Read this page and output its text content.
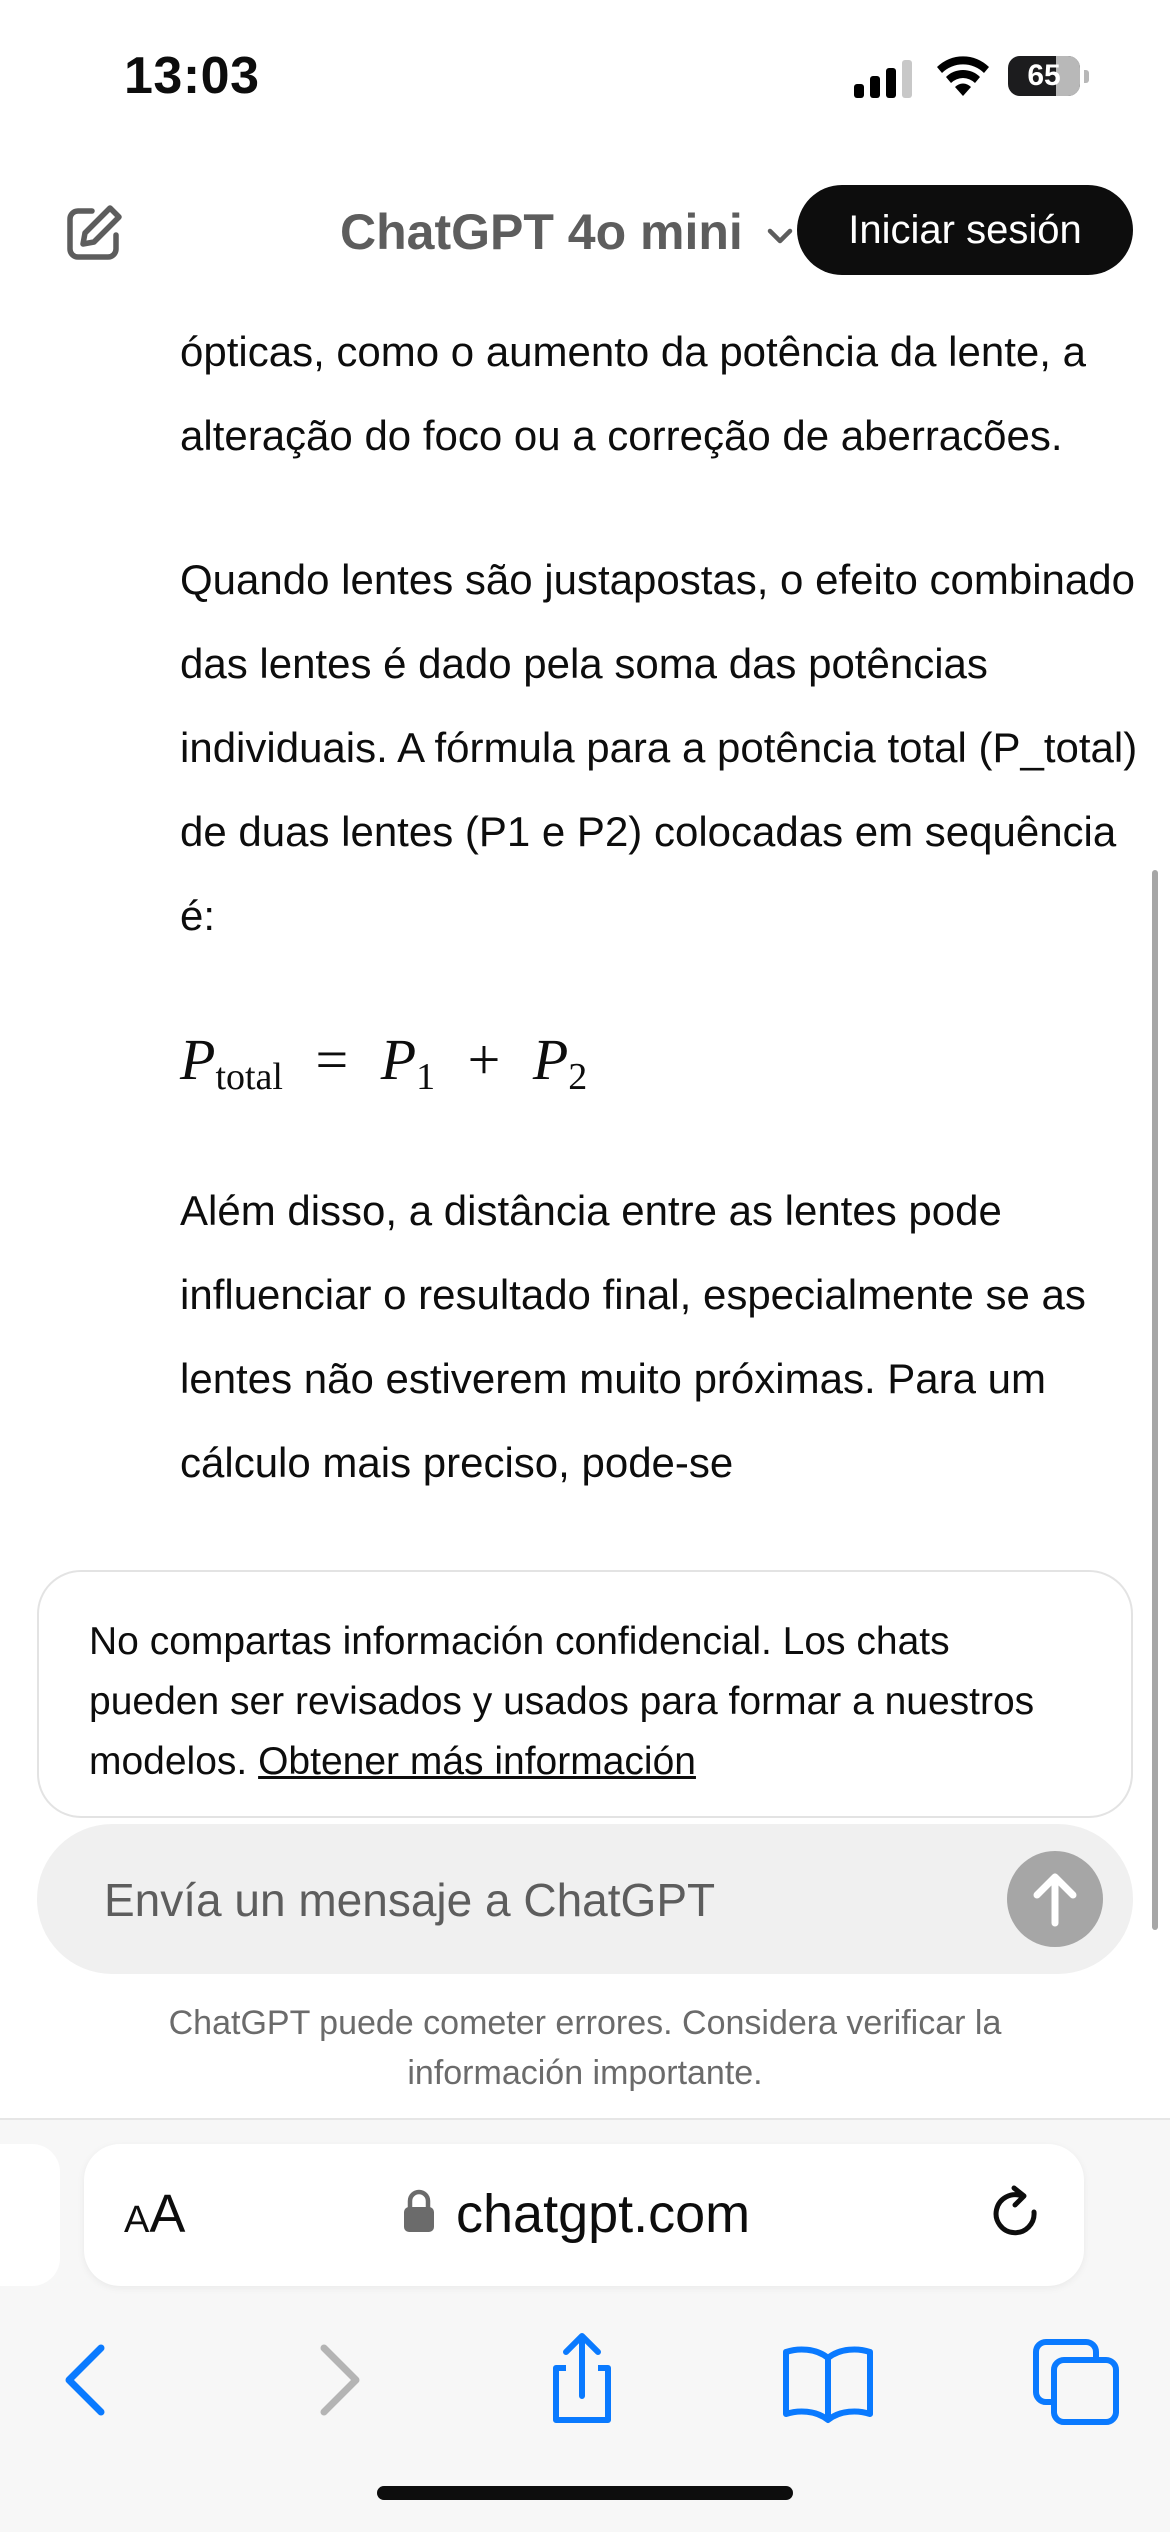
13:03	65
ChatGPT 4o mini	Iniciar sesión

ópticas, como o aumento da potência da lente, a alteração do foco ou a correção de aberracões.

Quando lentes são justapostas, o efeito combinado das lentes é dado pela soma das potências individuais. A fórmula para a potência total (P_total) de duas lentes (P1 e P2) colocadas em sequência é:

Ptotal = P1 + P2

Além disso, a distância entre as lentes pode influenciar o resultado final, especialmente se as lentes não estiverem muito próximas. Para um cálculo mais preciso, pode-se

No compartas información confidencial. Los chats pueden ser revisados y usados para formar a nuestros modelos. Obtener más información
Envía un mensaje a ChatGPT
ChatGPT puede cometer errores. Considera verificar la información importante.
AA	chatgpt.com
